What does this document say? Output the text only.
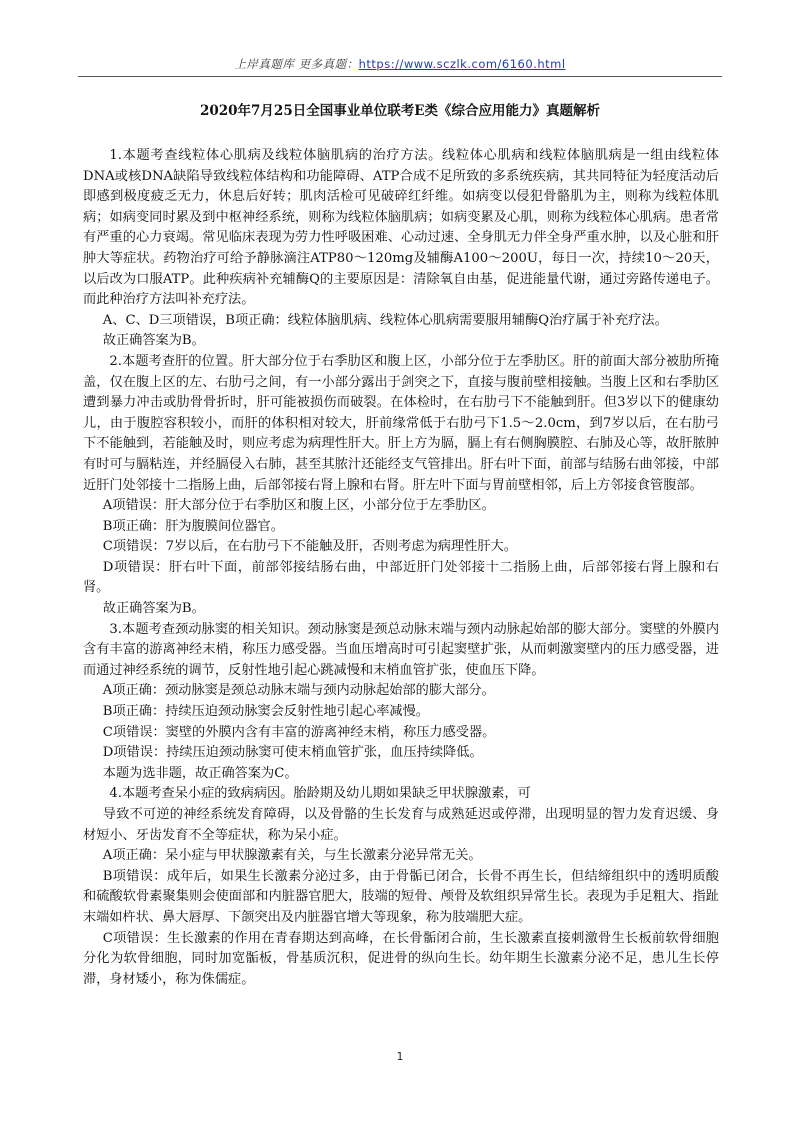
上岸真题库 更多真题：https://www.sczlk.com/6160.html
2020年7月25日全国事业单位联考E类《综合应用能力》真题解析

1.本题考查线粒体心肌病及线粒体脑肌病的治疗方法。线粒体心肌病和线粒体脑肌病是一组由线粒体DNA或核DNA缺陷导致线粒体结构和功能障碍、ATP合成不足所致的多系统疾病，其共同特征为轻度活动后即感到极度疲乏无力，休息后好转；肌肉活检可见破碎红纤维。如病变以侵犯骨骼肌为主，则称为线粒体肌病；如病变同时累及到中枢神经系统，则称为线粒体脑肌病；如病变累及心肌，则称为线粒体心肌病。患者常有严重的心力衰竭。常见临床表现为劳力性呼吸困难、心动过速、全身肌无力伴全身严重水肿，以及心脏和肝肿大等症状。药物治疗可给予静脉滴注ATP80～120mg及辅酶A100～200U，每日一次，持续10～20天，以后改为口服ATP。此种疾病补充辅酶Q的主要原因是：清除氧自由基，促进能量代谢，通过旁路传递电子。而此种治疗方法叫补充疗法。

A、C、D三项错误，B项正确：线粒体脑肌病、线粒体心肌病需要服用辅酶Q治疗属于补充疗法。

故正确答案为B。

2.本题考查肝的位置。肝大部分位于右季肋区和腹上区，小部分位于左季肋区。肝的前面大部分被肋所掩盖，仅在腹上区的左、右肋弓之间，有一小部分露出于剑突之下，直接与腹前壁相接触。当腹上区和右季肋区遭到暴力冲击或肋骨骨折时，肝可能被损伤而破裂。在体检时，在右肋弓下不能触到肝。但3岁以下的健康幼儿，由于腹腔容积较小，而肝的体积相对较大，肝前缘常低于右肋弓下1.5～2.0cm，到7岁以后，在右肋弓下不能触到，若能触及时，则应考虑为病理性肝大。肝上方为膈，膈上有右侧胸膜腔、右肺及心等，故肝脓肿有时可与膈粘连，并经膈侵入右肺，甚至其脓汁还能经支气管排出。肝右叶下面，前部与结肠右曲邻接，中部近肝门处邻接十二指肠上曲，后部邻接右肾上腺和右肾。肝左叶下面与胃前壁相邻，后上方邻接食管腹部。

A项错误：肝大部分位于右季肋区和腹上区，小部分位于左季肋区。

B项正确：肝为腹膜间位器官。

C项错误：7岁以后，在右肋弓下不能触及肝，否则考虑为病理性肝大。

D项错误：肝右叶下面，前部邻接结肠右曲，中部近肝门处邻接十二指肠上曲，后部邻接右肾上腺和右肾。

故正确答案为B。

3.本题考查颈动脉窦的相关知识。颈动脉窦是颈总动脉末端与颈内动脉起始部的膨大部分。窦壁的外膜内含有丰富的游离神经末梢，称压力感受器。当血压增高时可引起窦壁扩张，从而刺激窦壁内的压力感受器，进而通过神经系统的调节，反射性地引起心跳减慢和末梢血管扩张，使血压下降。

A项正确：颈动脉窦是颈总动脉末端与颈内动脉起始部的膨大部分。

B项正确：持续压迫颈动脉窦会反射性地引起心率减慢。

C项错误：窦壁的外膜内含有丰富的游离神经末梢，称压力感受器。

D项错误：持续压迫颈动脉窦可使末梢血管扩张，血压持续降低。

本题为选非题，故正确答案为C。

4.本题考查呆小症的致病病因。胎龄期及幼儿期如果缺乏甲状腺激素，可

导致不可逆的神经系统发育障碍，以及骨骼的生长发育与成熟延迟或停滞，出现明显的智力发育迟缓、身材短小、牙齿发育不全等症状，称为呆小症。

A项正确：呆小症与甲状腺激素有关，与生长激素分泌异常无关。

B项错误：成年后，如果生长激素分泌过多，由于骨骺已闭合，长骨不再生长，但结缔组织中的透明质酸和硫酸软骨素聚集则会使面部和内脏器官肥大，肢端的短骨、颅骨及软组织异常生长。表现为手足粗大、指趾末端如杵状、鼻大唇厚、下颌突出及内脏器官增大等现象，称为肢端肥大症。

C项错误：生长激素的作用在青春期达到高峰，在长骨骺闭合前，生长激素直接刺激骨生长板前软骨细胞分化为软骨细胞，同时加宽骺板，骨基质沉积，促进骨的纵向生长。幼年期生长激素分泌不足，患儿生长停滞，身材矮小，称为侏儒症。

1
